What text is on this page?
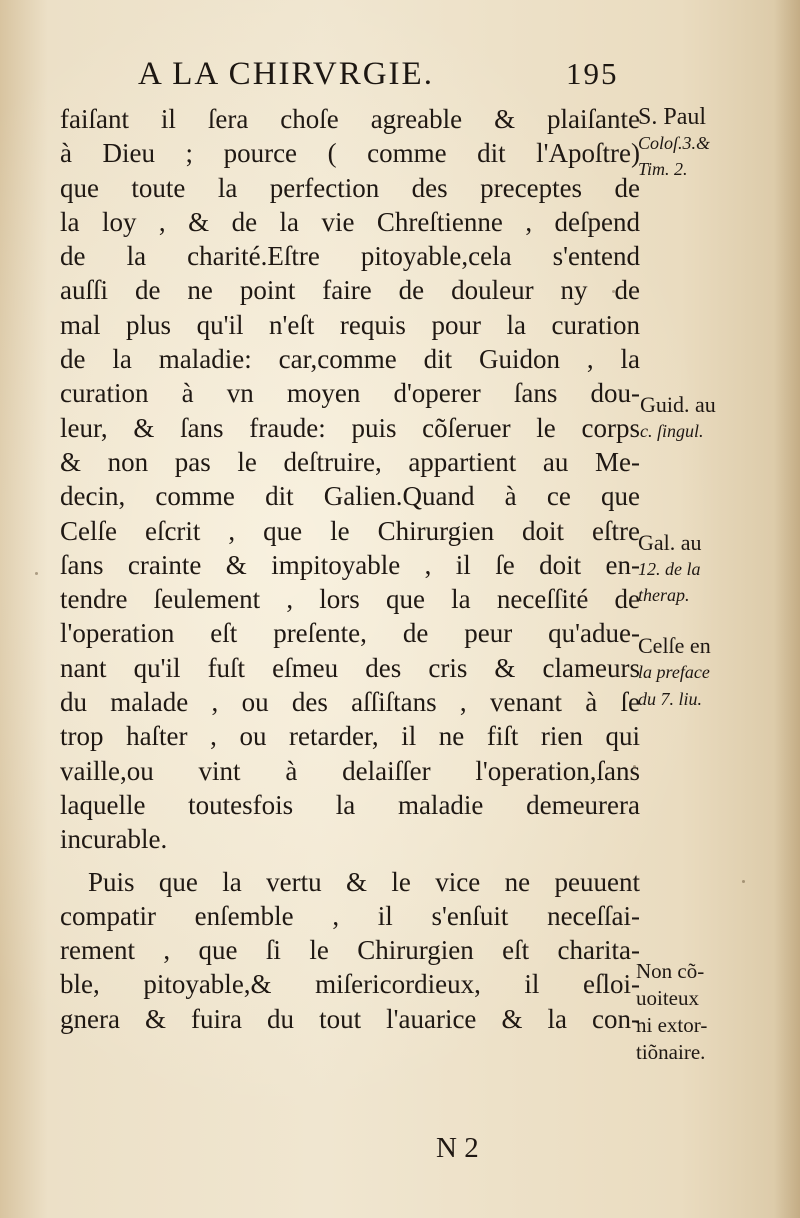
A LA CHIRVRGIE.	195
faiſant il ſera choſe agreable & plaiſante
à Dieu ; pource ( comme dit l'Apoſtre)
que toute la perfection des preceptes de
la loy , & de la vie Chreſtienne , deſpend
de la charité.Eſtre pitoyable,cela s'entend
auſſi de ne point faire de douleur ny de
mal plus qu'il n'eſt requis pour la curation
de la maladie: car,comme dit Guidon , la
curation à vn moyen d'operer ſans dou-
leur, & ſans fraude: puis cõſeruer le corps
& non pas le deſtruire, appartient au Me-
decin, comme dit Galien.Quand à ce que
Celſe eſcrit , que le Chirurgien doit eſtre
ſans crainte & impitoyable , il ſe doit en-
tendre ſeulement , lors que la neceſſité de
l'operation eſt preſente, de peur qu'adue-
nant qu'il fuſt eſmeu des cris & clameurs
du malade , ou des aſſiſtans , venant à ſe
trop haſter , ou retarder, il ne fiſt rien qui
vaille,ou vint à delaiſſer l'operation,ſans
laquelle toutesfois la maladie demeurera
incurable.
Puis que la vertu & le vice ne peuuent
compatir enſemble , il s'enſuit neceſſai-
rement , que ſi le Chirurgien eſt charita-
ble, pitoyable,& miſericordieux, il eſloi-
gnera & fuira du tout l'auarice & la con-
S. Paul
Coloſ.3.&
Tim. 2.
Guid. au
c. ſingul.
Gal. au
12. de la
therap.
Celſe en
la preface
du 7. liu.
Non cõ-
uoiteux
ni extor-
tiõnaire.
N 2
